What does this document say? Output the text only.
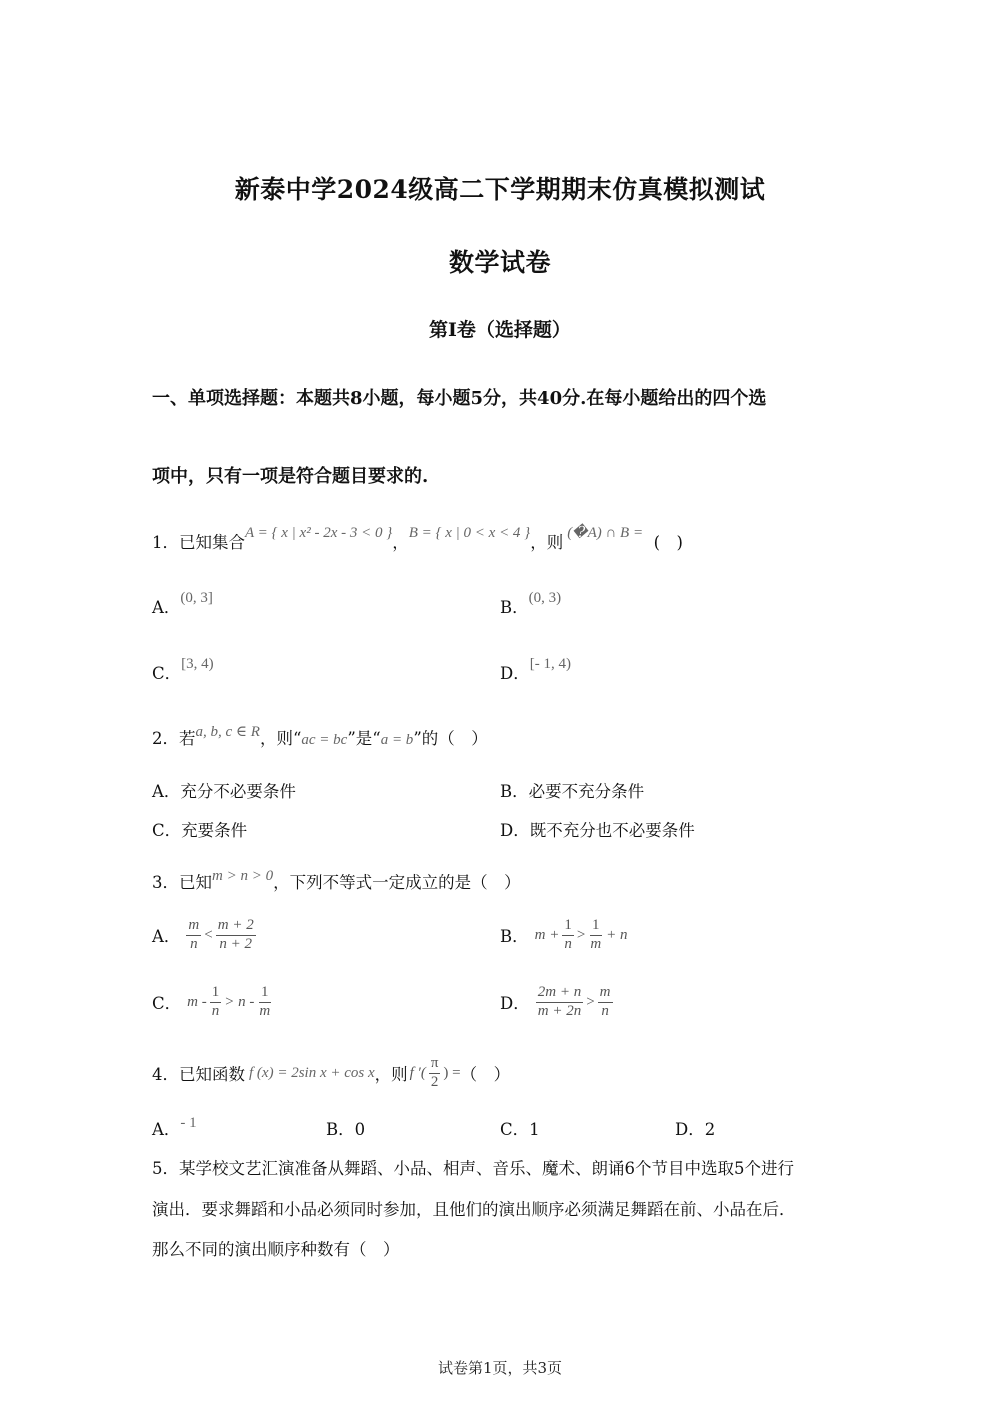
新泰中学2024级高二下学期期末仿真模拟测试
数学试卷
第I卷（选择题）
一、单项选择题：本题共8小题，每小题5分，共40分.在每小题给出的四个选
项中，只有一项是符合题目要求的.
1．已知集合A = { x | x² - 2x - 3 < 0 }，B = { x | 0 < x < 4 }，则 (�A) ∩ B = (　)
A．(0, 3]	B．(0, 3)
C．[3, 4)	D．[- 1, 4)
2．若a, b, c ∈ R，则“ac = bc”是“a = b”的（　）
A．充分不必要条件	B．必要不充分条件
C．充要条件	D．既不充分也不必要条件
3．已知m > n > 0，下列不等式一定成立的是（　）
A． $\frac{m}{n} < \frac{m + 2}{n + 2}$	B． $m + \frac{1}{n} > \frac{1}{m} + n$
C． $m - \frac{1}{n} > n - \frac{1}{m}$	D． $\frac{2m + n}{m + 2n} > \frac{m}{n}$
4．已知函数 f (x) = 2sin x + cos x ，则 f ′( $\frac{\pi}{2}$ ) = （　）
A．- 1	B．0	C．1	D．2
5．某学校文艺汇演准备从舞蹈、小品、相声、音乐、魔术、朗诵6个节目中选取5个进行
演出．要求舞蹈和小品必须同时参加，且他们的演出顺序必须满足舞蹈在前、小品在后．
那么不同的演出顺序种数有（　）
试卷第1页，共3页
